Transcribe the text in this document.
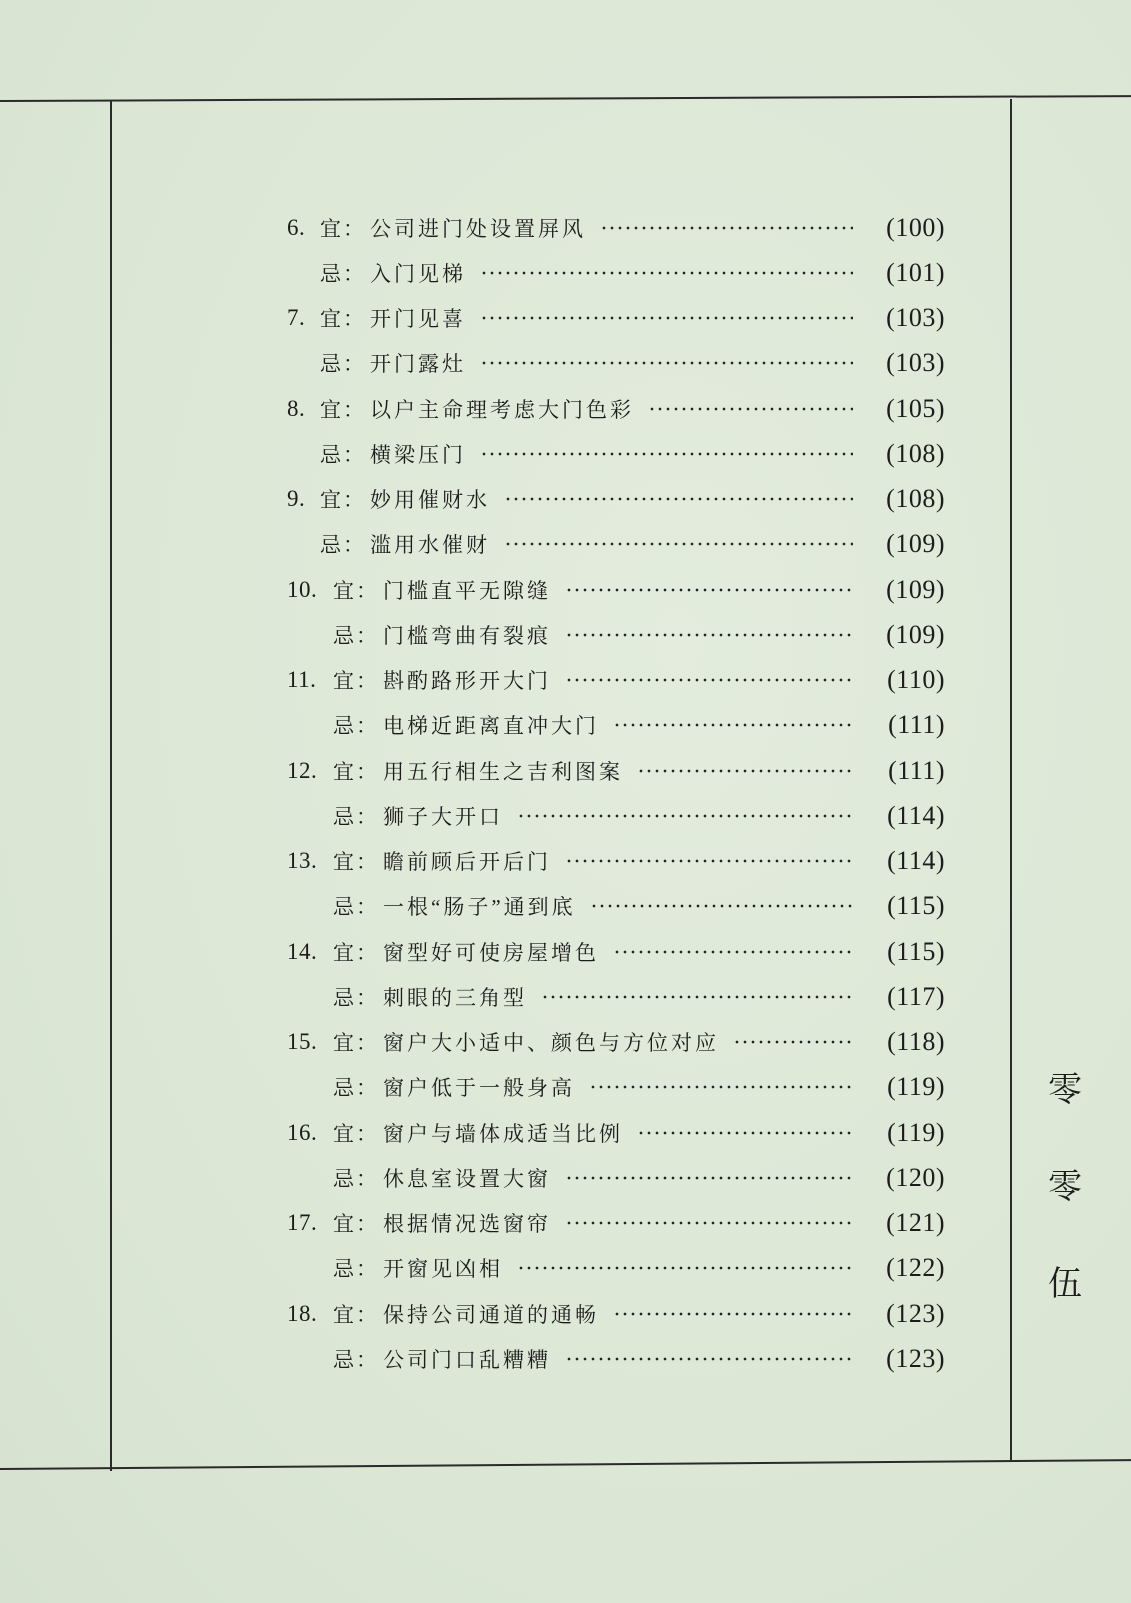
6. 宜： 公司进门处设置屏风	(100)
忌： 入门见梯	(101)
7. 宜： 开门见喜	(103)
忌： 开门露灶	(103)
8. 宜： 以户主命理考虑大门色彩	(105)
忌： 横梁压门	(108)
9. 宜： 妙用催财水	(108)
忌： 滥用水催财	(109)
10. 宜： 门槛直平无隙缝	(109)
忌： 门槛弯曲有裂痕	(109)
11. 宜： 斟酌路形开大门	(110)
忌： 电梯近距离直冲大门	(111)
12. 宜： 用五行相生之吉利图案	(111)
忌： 狮子大开口	(114)
13. 宜： 瞻前顾后开后门	(114)
忌： 一根“肠子”通到底	(115)
14. 宜： 窗型好可使房屋增色	(115)
忌： 刺眼的三角型	(117)
15. 宜： 窗户大小适中、颜色与方位对应	(118)
忌： 窗户低于一般身高	(119)
16. 宜： 窗户与墙体成适当比例	(119)
忌： 休息室设置大窗	(120)
17. 宜： 根据情况选窗帘	(121)
忌： 开窗见凶相	(122)
18. 宜： 保持公司通道的通畅	(123)
忌： 公司门口乱糟糟	(123)
零
零
伍
